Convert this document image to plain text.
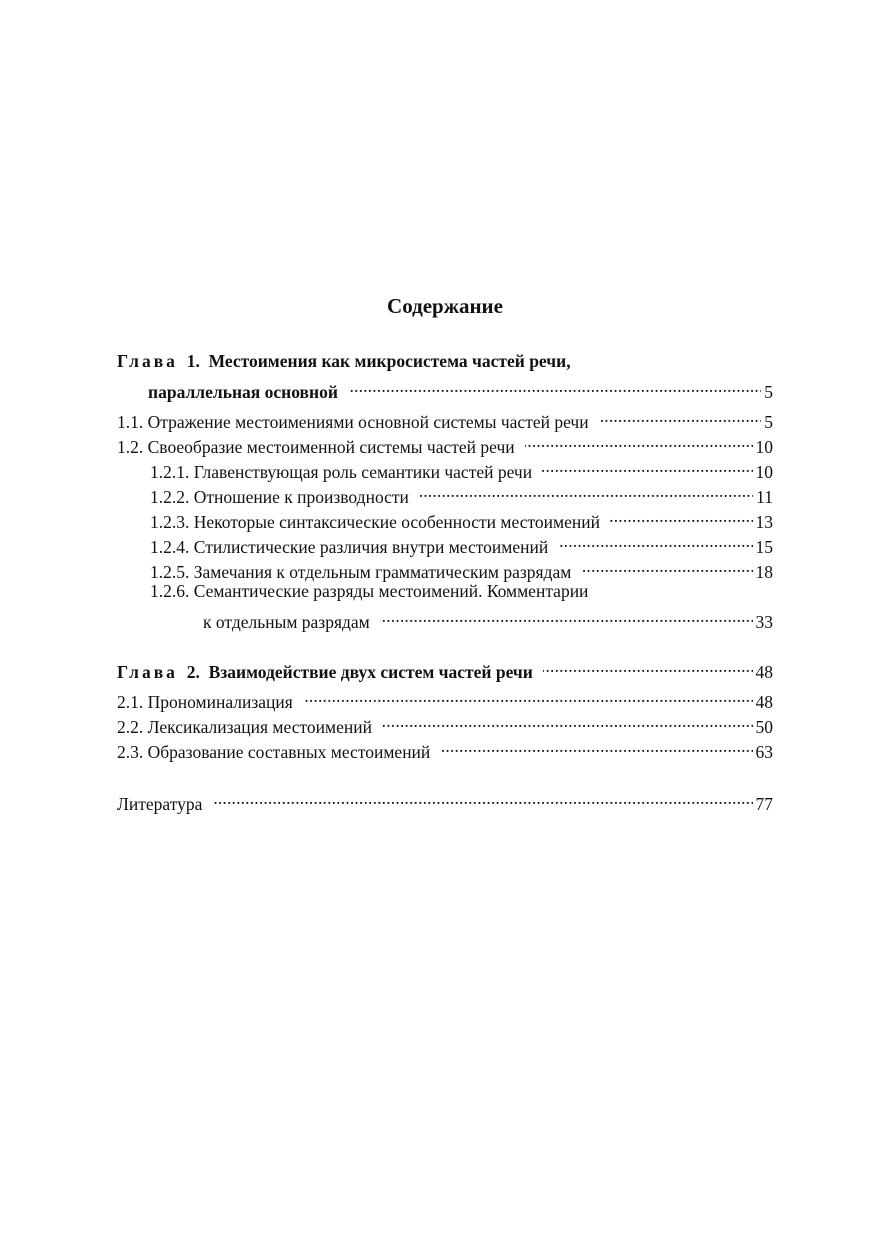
Содержание
Глава 1. Местоимения как микросистема частей речи,
параллельная основной . . .	5
1.1. Отражение местоимениями основной системы частей речи . . .	5
1.2. Своеобразие местоименной системы частей речи . . .	10
1.2.1. Главенствующая роль семантики частей речи . . .	10
1.2.2. Отношение к производности . . .	11
1.2.3. Некоторые синтаксические особенности местоимений . . .	13
1.2.4. Стилистические различия внутри местоимений . . .	15
1.2.5. Замечания к отдельным грамматическим разрядам . . .	18
1.2.6. Семантические разряды местоимений. Комментарии
к отдельным разрядам . . .	33
Глава 2. Взаимодействие двух систем частей речи . . .	48
2.1. Прономинализация . . .	48
2.2. Лексикализация местоимений . . .	50
2.3. Образование составных местоимений . . .	63
Литература . . .	77
